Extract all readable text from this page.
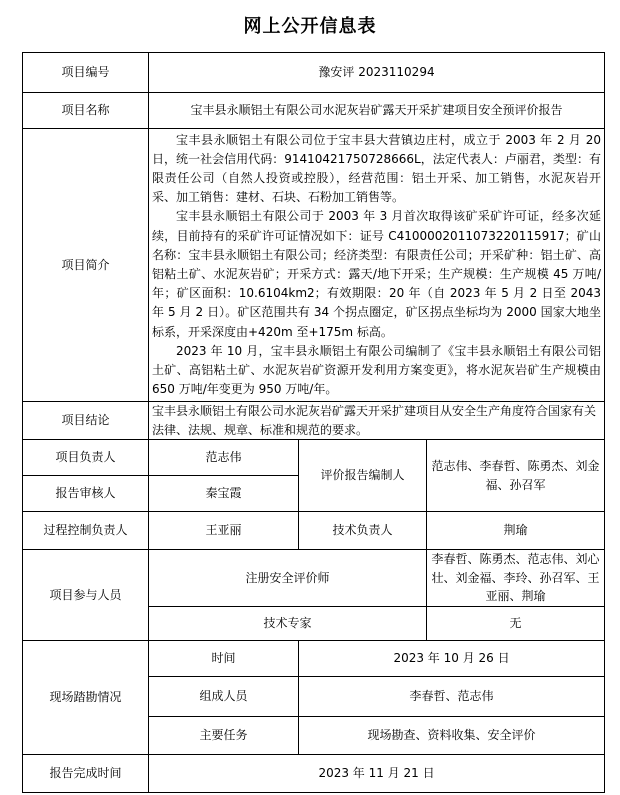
网上公开信息表
项目编号	豫安评 2023110294		
项目名称	宝丰县永顺铝土有限公司水泥灰岩矿露天开采扩建项目安全预评价报告		
项目简介	宝丰县永顺铝土有限公司位于宝丰县大营镇边庄村，成立于 2003 年 2 月 20 日，统一社会信用代码：91410421750728666L，法定代表人：卢丽君，类型：有限责任公司（自然人投资或控股），经营范围：铝土开采、加工销售，水泥灰岩开采、加工销售：建材、石块、石粉加工销售等。

宝丰县永顺铝土有限公司于 2003 年 3 月首次取得该矿采矿许可证，经多次延续，目前持有的采矿许可证情况如下：证号 C4100002011073220115917；矿山名称：宝丰县永顺铝土有限公司；经济类型：有限责任公司；开采矿种：铝土矿、高铝粘土矿、水泥灰岩矿；开采方式：露天/地下开采；生产规模：生产规模 45 万吨/年；矿区面积：10.6104km2；有效期限：20 年（自 2023 年 5 月 2 日至 2043 年 5 月 2 日）。矿区范围共有 34 个拐点圈定，矿区拐点坐标均为 2000 国家大地坐标系，开采深度由+420m 至+175m 标高。

2023 年 10 月，宝丰县永顺铝土有限公司编制了《宝丰县永顺铝土有限公司铝土矿、高铝粘土矿、水泥灰岩矿资源开发利用方案变更》，将水泥灰岩矿生产规模由 650 万吨/年变更为 950 万吨/年。		

项目结论	宝丰县永顺铝土有限公司水泥灰岩矿露天开采扩建项目从安全生产角度符合国家有关法律、法规、规章、标准和规范的要求。		
项目负责人	范志伟	评价报告编制人	范志伟、李春哲、陈勇杰、刘金福、孙召军
报告审核人	秦宝霞		
过程控制负责人	王亚丽	技术负责人	荆瑜
项目参与人员	注册安全评价师		李春哲、陈勇杰、范志伟、刘心壮、刘金福、李玲、孙召军、王亚丽、荆瑜
	技术专家		无
现场踏勘情况	时间	2023 年 10 月 26 日	
	组成人员	李春哲、范志伟	
	主要任务	现场勘查、资料收集、安全评价	
报告完成时间	2023 年 11 月 21 日		
